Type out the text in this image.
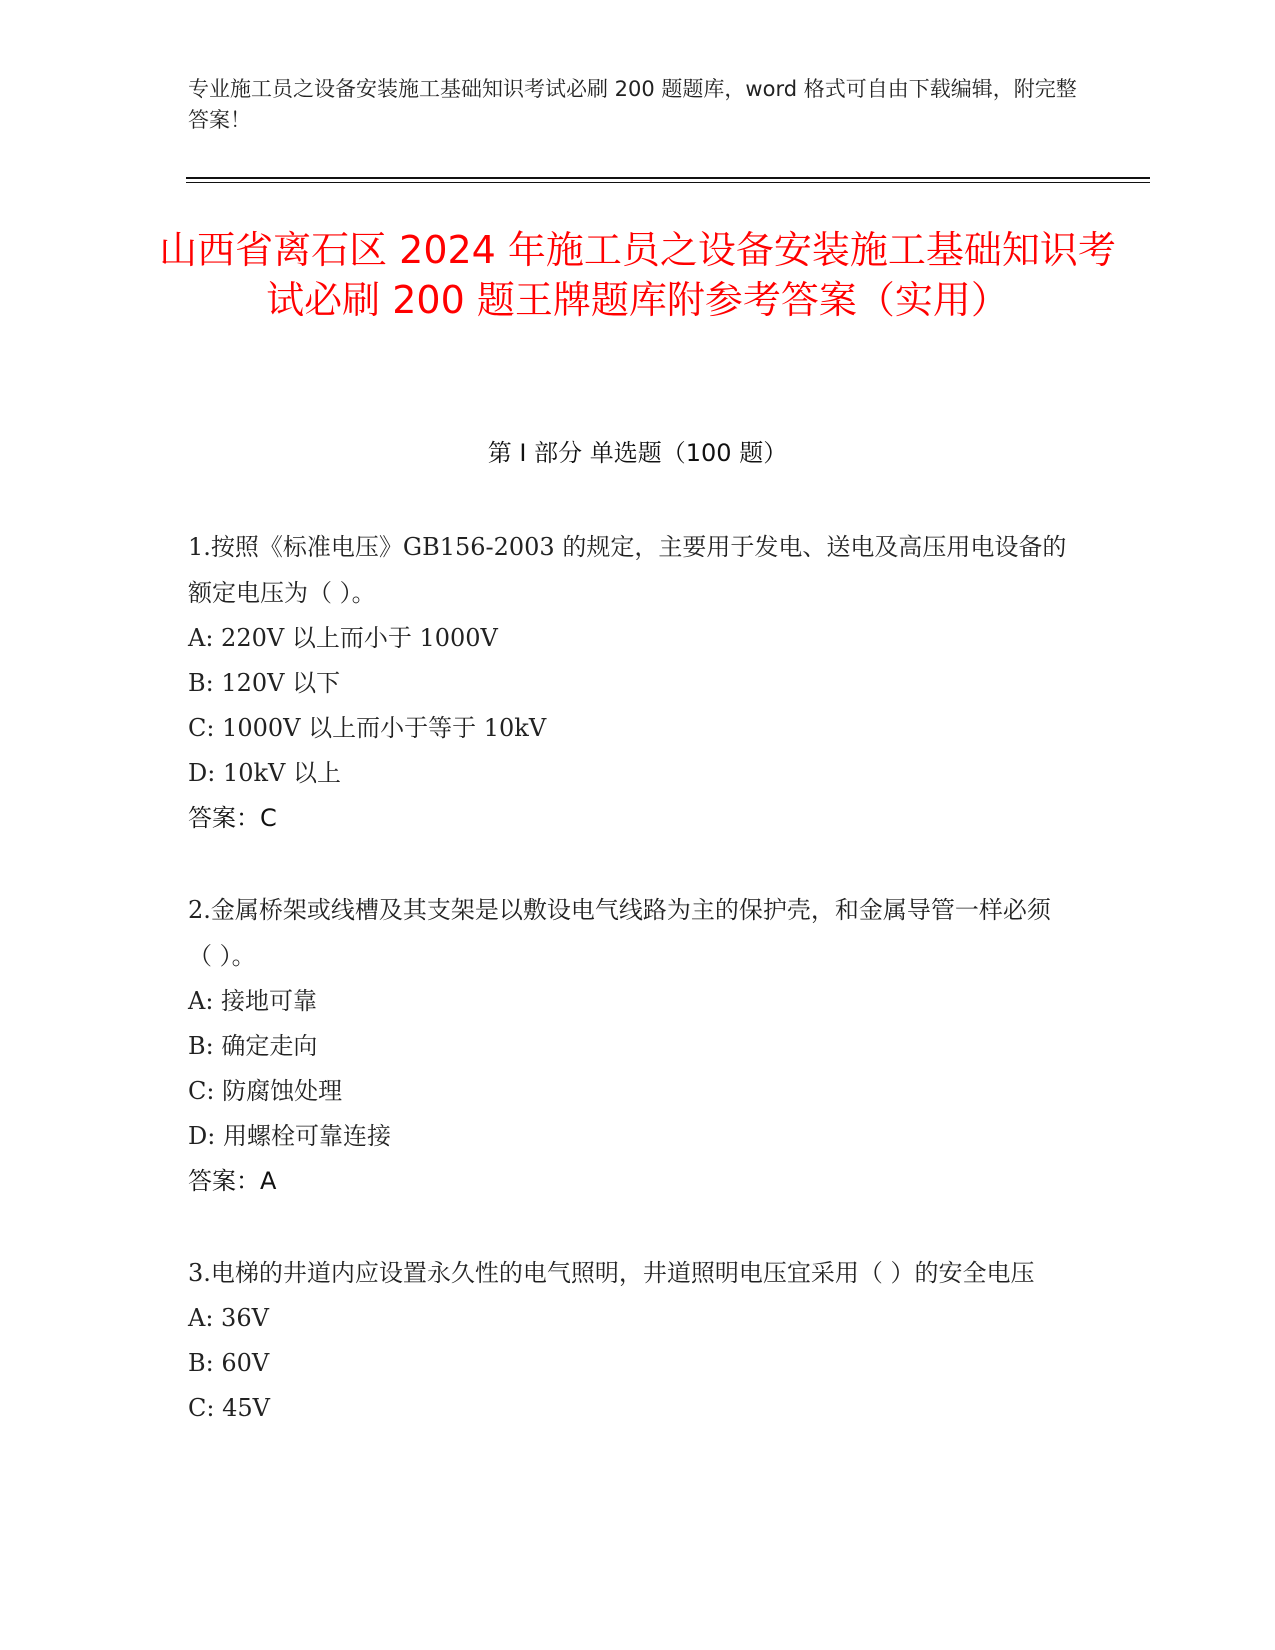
专业施工员之设备安装施工基础知识考试必刷 200 题题库，word 格式可自由下载编辑，附完整答案！
山西省离石区 2024 年施工员之设备安装施工基础知识考试必刷 200 题王牌题库附参考答案（实用）
第 I 部分 单选题（100 题）

1.按照《标准电压》GB156-2003 的规定，主要用于发电、送电及高压用电设备的额定电压为（ ）。

A: 220V 以上而小于 1000V
B: 120V 以下
C: 1000V 以上而小于等于 10kV
D: 10kV 以上
答案：C

2.金属桥架或线槽及其支架是以敷设电气线路为主的保护壳，和金属导管一样必须（ ）。

A: 接地可靠
B: 确定走向
C: 防腐蚀处理
D: 用螺栓可靠连接
答案：A

3.电梯的井道内应设置永久性的电气照明，井道照明电压宜采用（ ）的安全电压

A: 36V
B: 60V
C: 45V
